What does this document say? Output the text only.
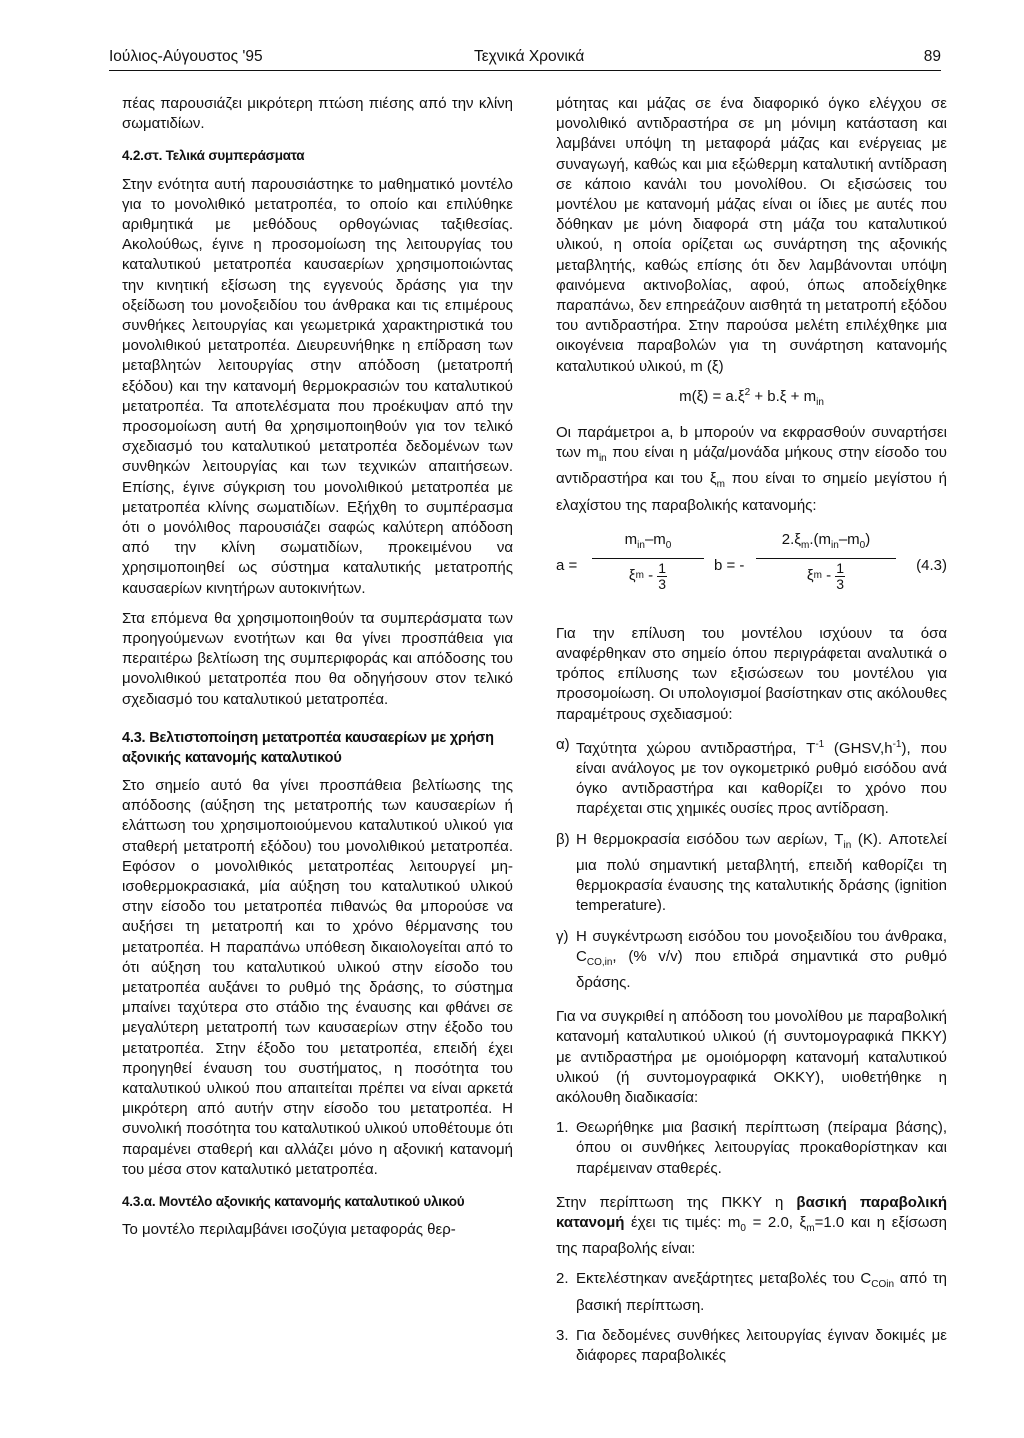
Ιούλιος-Αύγουστος '95	Τεχνικά Χρονικά	89

πέας παρουσιάζει μικρότερη πτώση πιέσης από την κλίνη σωματιδίων.

4.2.στ. Τελικά συμπεράσματα

Στην ενότητα αυτή παρουσιάστηκε το μαθηματικό μοντέλο για το μονολιθικό μετατροπέα, το οποίο και επιλύθηκε αριθμητικά με μεθόδους ορθογώνιας ταξιθεσίας. Ακολούθως, έγινε η προσομοίωση της λειτουργίας του καταλυτικού μετατροπέα καυσαερίων χρησιμοποιώντας την κινητική εξίσωση της εγγενούς δράσης για την οξείδωση του μονοξειδίου του άνθρακα και τις επιμέρους συνθήκες λειτουργίας και γεωμετρικά χαρακτηριστικά του μονολιθικού μετατροπέα. Διευρευνήθηκε η επίδραση των μεταβλητών λειτουργίας στην απόδοση (μετατροπή εξόδου) και την κατανομή θερμοκρασιών του καταλυτικού μετατροπέα. Τα αποτελέσματα που προέκυψαν από την προσομοίωση αυτή θα χρησιμοποιηθούν για τον τελικό σχεδιασμό του καταλυτικού μετατροπέα δεδομένων των συνθηκών λειτουργίας και των τεχνικών απαιτήσεων. Επίσης, έγινε σύγκριση του μονολιθικού μετατροπέα με μετατροπέα κλίνης σωματιδίων. Εξήχθη το συμπέρασμα ότι ο μονόλιθος παρουσιάζει σαφώς καλύτερη απόδοση από την κλίνη σωματιδίων, προκειμένου να χρησιμοποιηθεί ως σύστημα καταλυτικής μετατροπής καυσαερίων κινητήρων αυτοκινήτων.

Στα επόμενα θα χρησιμοποιηθούν τα συμπεράσματα των προηγούμενων ενοτήτων και θα γίνει προσπάθεια για περαιτέρω βελτίωση της συμπεριφοράς και απόδοσης του μονολιθικού μετατροπέα που θα οδηγήσουν στον τελικό σχεδιασμό του καταλυτικού μετατροπέα.

4.3. Βελτιστοποίηση μετατροπέα καυσαερίων με χρήση αξονικής κατανομής καταλυτικού

Στο σημείο αυτό θα γίνει προσπάθεια βελτίωσης της απόδοσης (αύξηση της μετατροπής των καυσαερίων ή ελάττωση του χρησιμοποιούμενου καταλυτικού υλικού για σταθερή μετατροπή εξόδου) του μονολιθικού μετατροπέα. Εφόσον ο μονολιθικός μετατροπέας λειτουργεί μη-ισοθερμοκρασιακά, μία αύξηση του καταλυτικού υλικού στην είσοδο του μετατροπέα πιθανώς θα μπορούσε να αυξήσει τη μετατροπή και το χρόνο θέρμανσης του μετατροπέα. Η παραπάνω υπόθεση δικαιολογείται από το ότι αύξηση του καταλυτικού υλικού στην είσοδο του μετατροπέα αυξάνει το ρυθμό της δράσης, το σύστημα μπαίνει ταχύτερα στο στάδιο της έναυσης και φθάνει σε μεγαλύτερη μετατροπή των καυσαερίων στην έξοδο του μετατροπέα. Στην έξοδο του μετατροπέα, επειδή έχει προηγηθεί έναυση του συστήματος, η ποσότητα του καταλυτικού υλικού που απαιτείται πρέπει να είναι αρκετά μικρότερη από αυτήν στην είσοδο του μετατροπέα. Η συνολική ποσότητα του καταλυτικού υλικού υποθέτουμε ότι παραμένει σταθερή και αλλάζει μόνο η αξονική κατανομή του μέσα στον καταλυτικό μετατροπέα.

4.3.α. Μοντέλο αξονικής κατανομής καταλυτικού υλικού

Το μοντέλο περιλαμβάνει ισοζύγια μεταφοράς θερ-

μότητας και μάζας σε ένα διαφορικό όγκο ελέγχου σε μονολιθικό αντιδραστήρα σε μη μόνιμη κατάσταση και λαμβάνει υπόψη τη μεταφορά μάζας και ενέργειας με συναγωγή, καθώς και μια εξώθερμη καταλυτική αντίδραση σε κάποιο κανάλι του μονολίθου. Οι εξισώσεις του μοντέλου με κατανομή μάζας είναι οι ίδιες με αυτές που δόθηκαν με μόνη διαφορά στη μάζα του καταλυτικού υλικού, η οποία ορίζεται ως συνάρτηση της αξονικής μεταβλητής, καθώς επίσης ότι δεν λαμβάνονται υπόψη φαινόμενα ακτινοβολίας, αφού, όπως αποδείχθηκε παραπάνω, δεν επηρεάζουν αισθητά τη μετατροπή εξόδου του αντιδραστήρα. Στην παρούσα μελέτη επιλέχθηκε μια οικογένεια παραβολών για τη συνάρτηση κατανομής καταλυτικού υλικού, m (ξ)

$m(\xi) = a.\xi^2 + b.\xi + m_{in}$

Οι παράμετροι a, b μπορούν να εκφρασθούν συναρτήσει των $m_{in}$ που είναι η μάζα/μονάδα μήκους στην είσοδο του αντιδραστήρα και του $\xi_m$ που είναι το σημείο μεγίστου ή ελαχίστου της παραβολικής κατανομής:

a =
$m_{in}-m_0$
ξ m - 1
3
b = -
$2.\xi_m.(m_{in}-m_0)$
ξ m - 1
3
(4.3)

Για την επίλυση του μοντέλου ισχύουν τα όσα αναφέρθηκαν στο σημείο όπου περιγράφεται αναλυτικά ο τρόπος επίλυσης των εξισώσεων του μοντέλου για προσομοίωση. Οι υπολογισμοί βασίστηκαν στις ακόλουθες παραμέτρους σχεδιασμού:

α) Ταχύτητα χώρου αντιδραστήρα, $T^{-1}$ $(GHSV,h^{-1})$, που είναι ανάλογος με τον ογκομετρικό ρυθμό εισόδου ανά όγκο αντιδραστήρα και καθορίζει το χρόνο που παρέχεται στις χημικές ουσίες προς αντίδραση.
β) Η θερμοκρασία εισόδου των αερίων, $T_{in}$ (K). Αποτελεί μια πολύ σημαντική μεταβλητή, επειδή καθορίζει τη θερμοκρασία έναυσης της καταλυτικής δράσης (ignition temperature).
γ) Η συγκέντρωση εισόδου του μονοξειδίου του άνθρακα, $C_{CO,in}$, (% v/v) που επιδρά σημαντικά στο ρυθμό δράσης.

Για να συγκριθεί η απόδοση του μονολίθου με παραβολική κατανομή καταλυτικού υλικού (ή συντομογραφικά ΠΚΚΥ) με αντιδραστήρα με ομοιόμορφη κατανομή καταλυτικού υλικού (ή συντομογραφικά ΟΚΚΥ), υιοθετήθηκε η ακόλουθη διαδικασία:

1. Θεωρήθηκε μια βασική περίπτωση (πείραμα βάσης), όπου οι συνθήκες λειτουργίας προκαθορίστηκαν και παρέμειναν σταθερές.

Στην περίπτωση της ΠΚΚΥ η βασική παραβολική κατανομή έχει τις τιμές: $m_0 = 2.0$, $\xi_m=1.0$ και η εξίσωση της παραβολής είναι:

2. Εκτελέστηκαν ανεξάρτητες μεταβολές του $C_{COin}$ από τη βασική περίπτωση.
3. Για δεδομένες συνθήκες λειτουργίας έγιναν δοκιμές με διάφορες παραβολικές
